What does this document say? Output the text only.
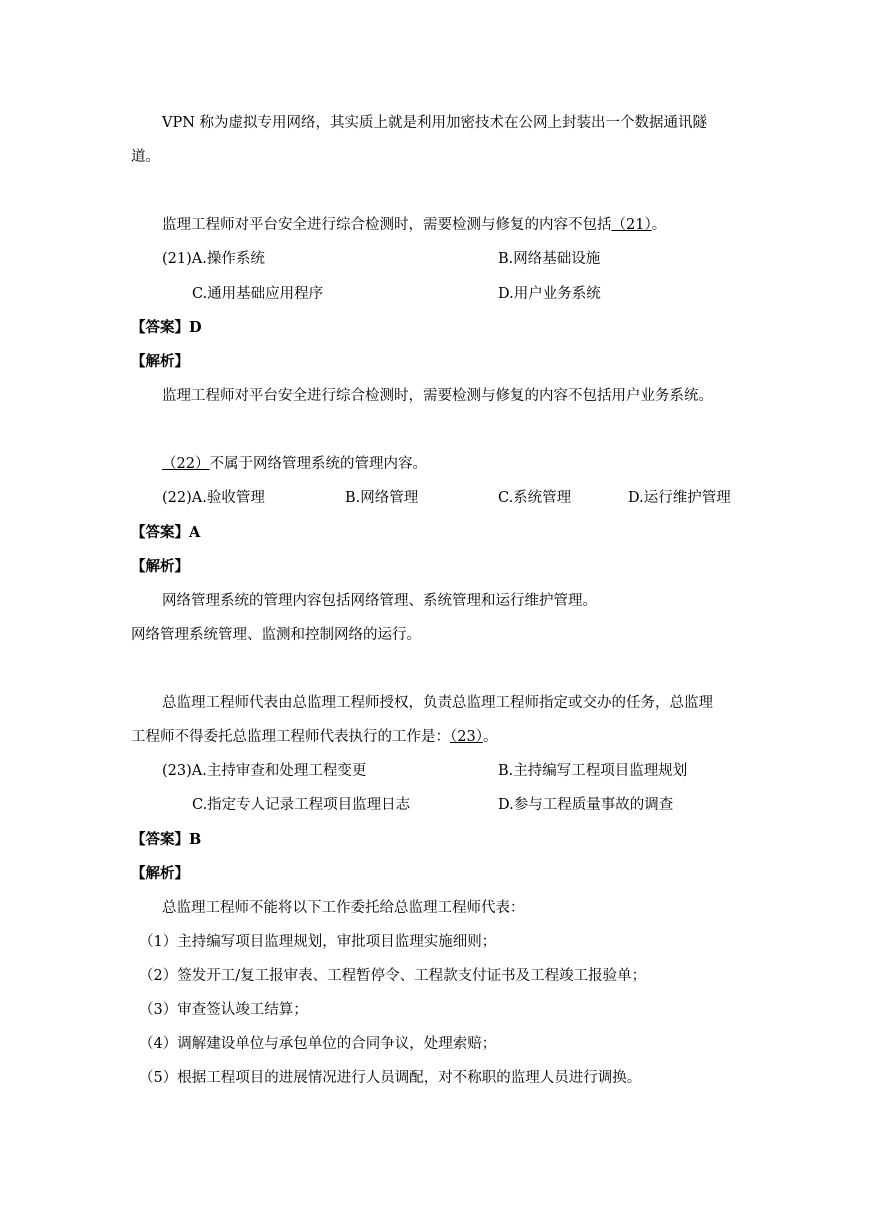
VPN 称为虚拟专用网络，其实质上就是利用加密技术在公网上封装出一个数据通讯隧
道。
监理工程师对平台安全进行综合检测时，需要检测与修复的内容不包括（21）。
(21)A.操作系统	B.网络基础设施
C.通用基础应用程序	D.用户业务系统
【答案】D
【解析】
监理工程师对平台安全进行综合检测时，需要检测与修复的内容不包括用户业务系统。
（22）不属于网络管理系统的管理内容。
(22)A.验收管理	B.网络管理	C.系统管理	D.运行维护管理
【答案】A
【解析】
网络管理系统的管理内容包括网络管理、系统管理和运行维护管理。
网络管理系统管理、监测和控制网络的运行。
总监理工程师代表由总监理工程师授权，负责总监理工程师指定或交办的任务，总监理
工程师不得委托总监理工程师代表执行的工作是：（23）。
(23)A.主持审查和处理工程变更	B.主持编写工程项目监理规划
C.指定专人记录工程项目监理日志	D.参与工程质量事故的调查
【答案】B
【解析】
总监理工程师不能将以下工作委托给总监理工程师代表：
（1）主持编写项目监理规划，审批项目监理实施细则；
（2）签发开工/复工报审表、工程暂停令、工程款支付证书及工程竣工报验单；
（3）审查签认竣工结算；
（4）调解建设单位与承包单位的合同争议，处理索赔；
（5）根据工程项目的进展情况进行人员调配，对不称职的监理人员进行调换。
